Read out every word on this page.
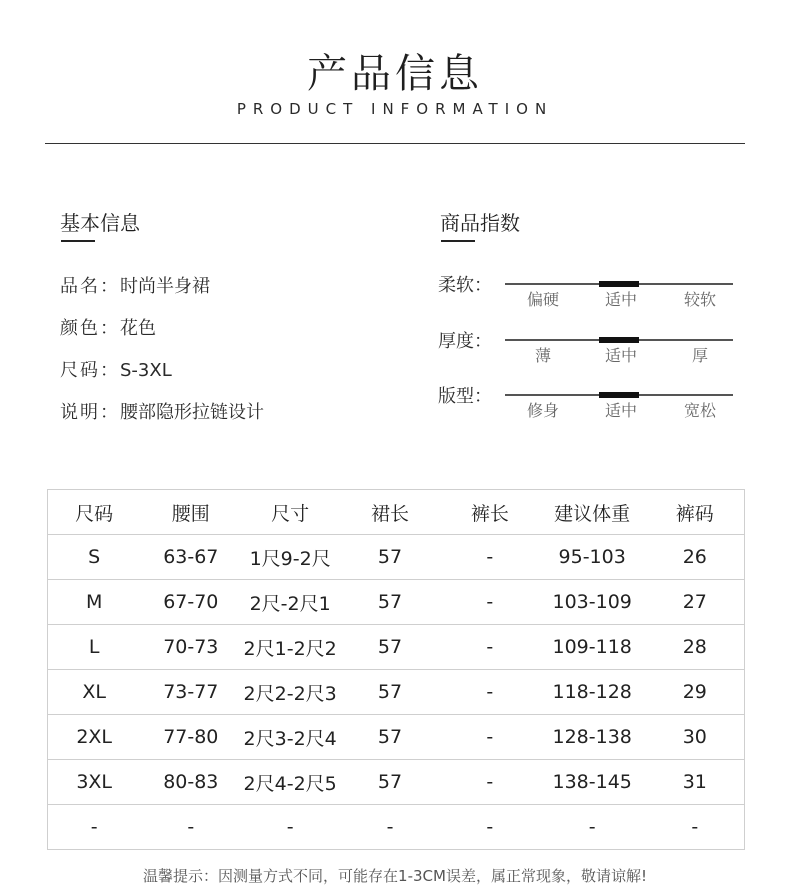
产品信息
PRODUCT INFORMATION
基本信息
品名：时尚半身裙
颜色：花色
尺码：S-3XL
说明：腰部隐形拉链设计
商品指数
柔软：
偏硬	适中	较软
厚度：
薄	适中	厚
版型：
修身	适中	宽松
尺码	腰围	尺寸	裙长	裤长	建议体重	裤码
S	63-67	1尺9-2尺	57	-	95-103	26
M	67-70	2尺-2尺1	57	-	103-109	27
L	70-73	2尺1-2尺2	57	-	109-118	28
XL	73-77	2尺2-2尺3	57	-	118-128	29
2XL	77-80	2尺3-2尺4	57	-	128-138	30
3XL	80-83	2尺4-2尺5	57	-	138-145	31
-	-	-	-	-	-	-
温馨提示：因测量方式不同，可能存在1-3CM误差，属正常现象，敬请谅解!
